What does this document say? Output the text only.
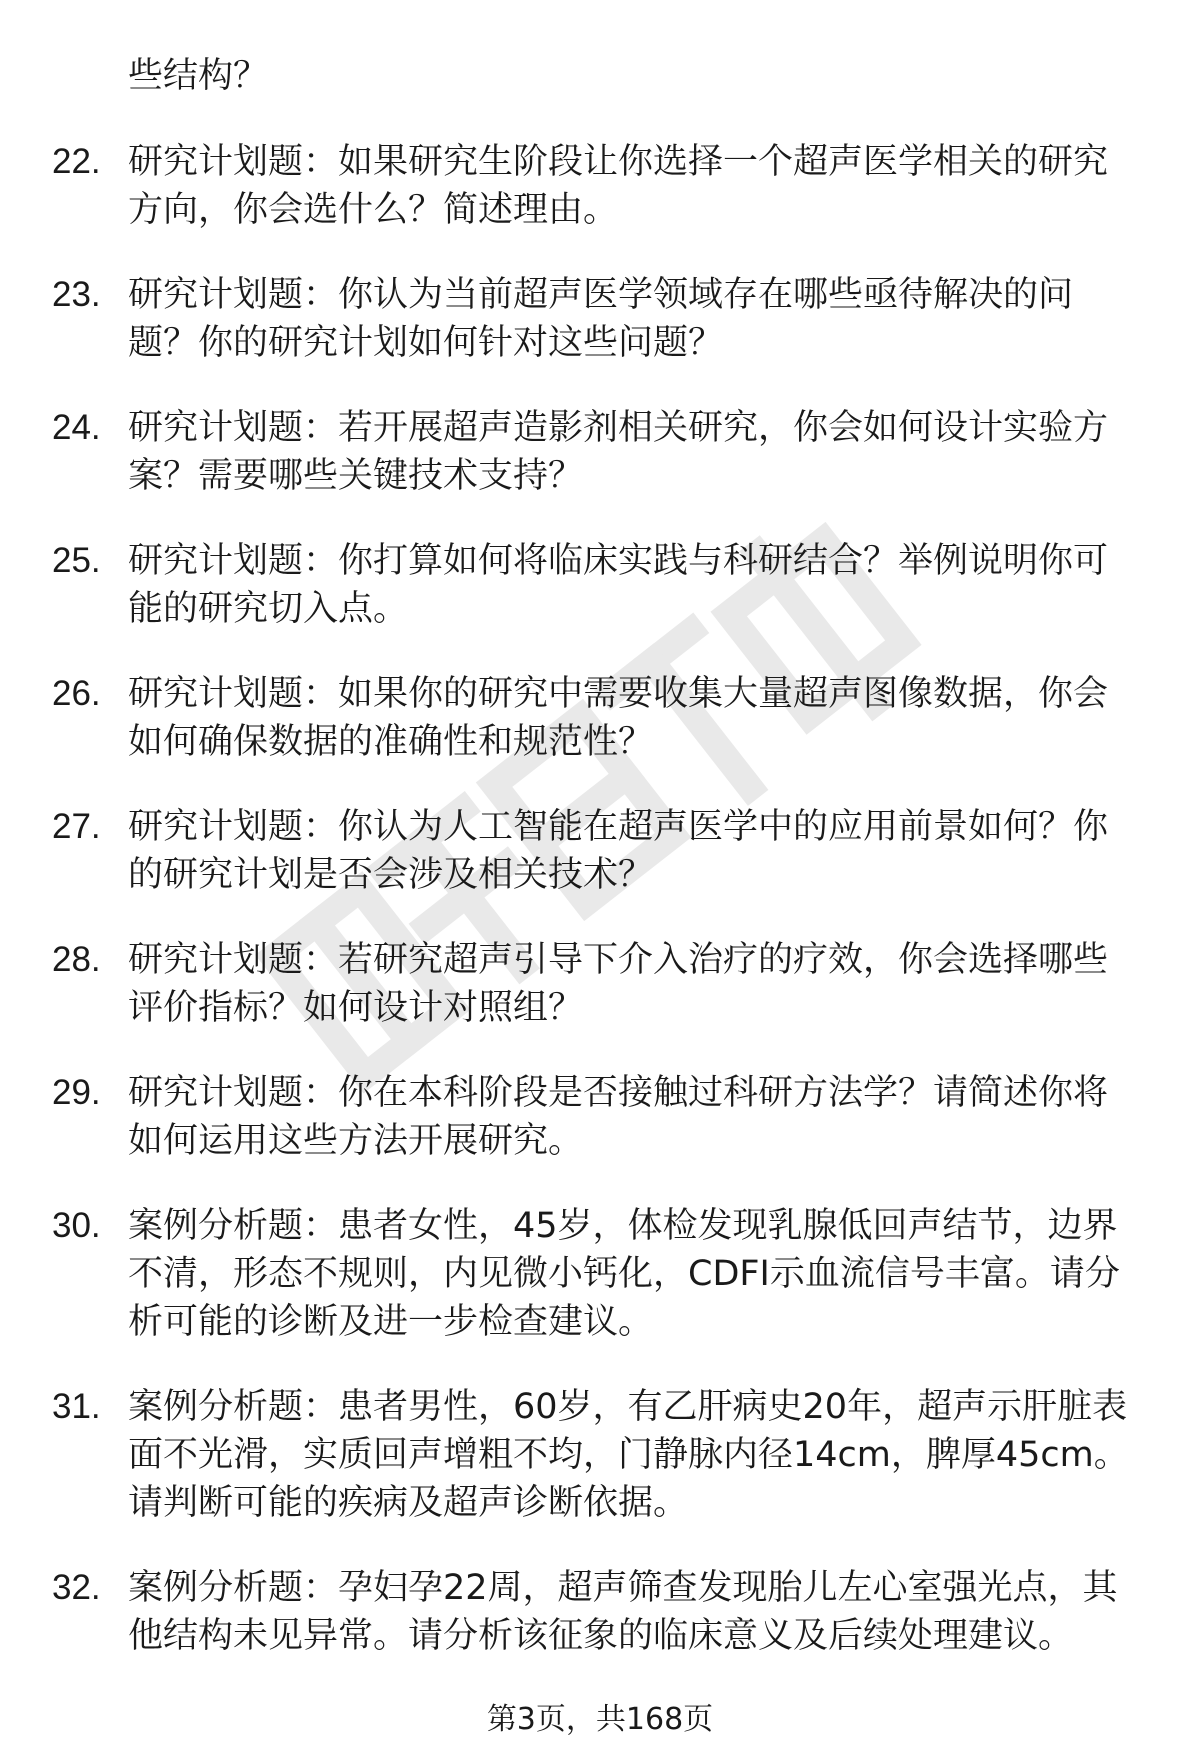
些结构？

22. 研究计划题：如果研究生阶段让你选择一个超声医学相关的研究方向，你会选什么？简述理由。
23. 研究计划题：你认为当前超声医学领域存在哪些亟待解决的问题？你的研究计划如何针对这些问题？
24. 研究计划题：若开展超声造影剂相关研究，你会如何设计实验方案？需要哪些关键技术支持？
25. 研究计划题：你打算如何将临床实践与科研结合？举例说明你可能的研究切入点。
26. 研究计划题：如果你的研究中需要收集大量超声图像数据，你会如何确保数据的准确性和规范性？
27. 研究计划题：你认为人工智能在超声医学中的应用前景如何？你的研究计划是否会涉及相关技术？
28. 研究计划题：若研究超声引导下介入治疗的疗效，你会选择哪些评价指标？如何设计对照组？
29. 研究计划题：你在本科阶段是否接触过科研方法学？请简述你将如何运用这些方法开展研究。
30. 案例分析题：患者女性，45岁，体检发现乳腺低回声结节，边界不清，形态不规则，内见微小钙化，CDFI示血流信号丰富。请分析可能的诊断及进一步检查建议。
31. 案例分析题：患者男性，60岁，有乙肝病史20年，超声示肝脏表面不光滑，实质回声增粗不均，门静脉内径14cm，脾厚45cm。请判断可能的疾病及超声诊断依据。
32. 案例分析题：孕妇孕22周，超声筛查发现胎儿左心室强光点，其他结构未见异常。请分析该征象的临床意义及后续处理建议。
第3页，共168页
